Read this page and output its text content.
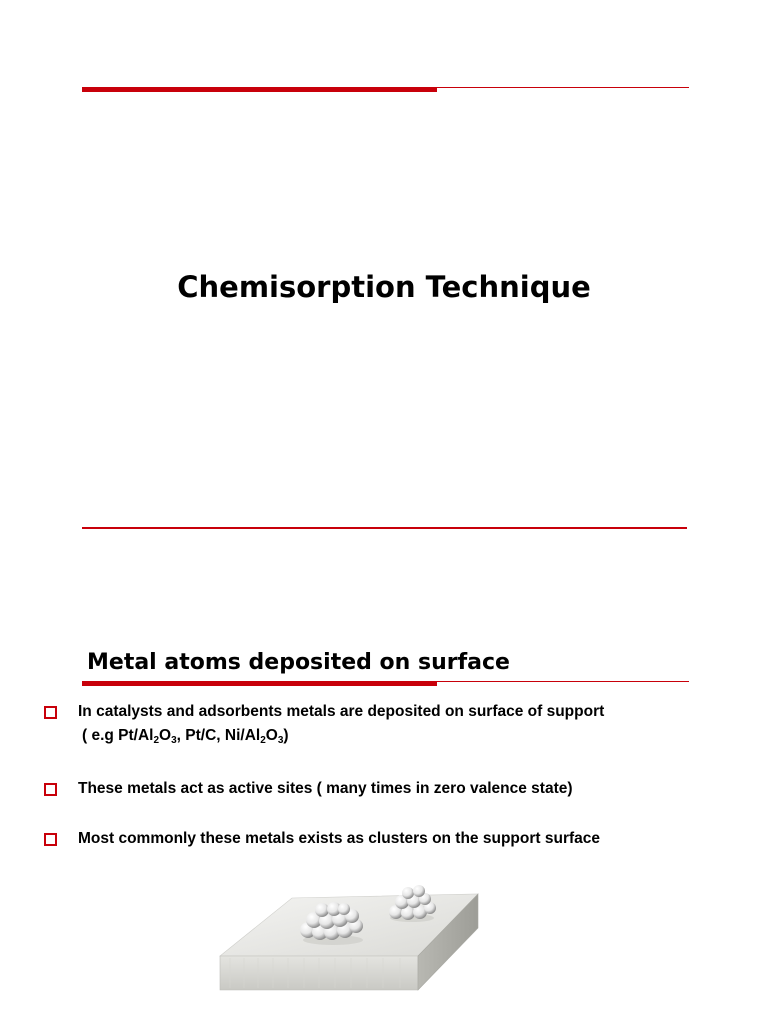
Chemisorption Technique
Metal atoms deposited on surface
In catalysts and adsorbents metals are deposited on surface of support
( e.g $Pt/Al_2O_3$, Pt/C, $Ni/Al_2O_3$)
These metals act as active sites ( many times in zero valence state)
Most commonly these metals exists as clusters on the support surface
